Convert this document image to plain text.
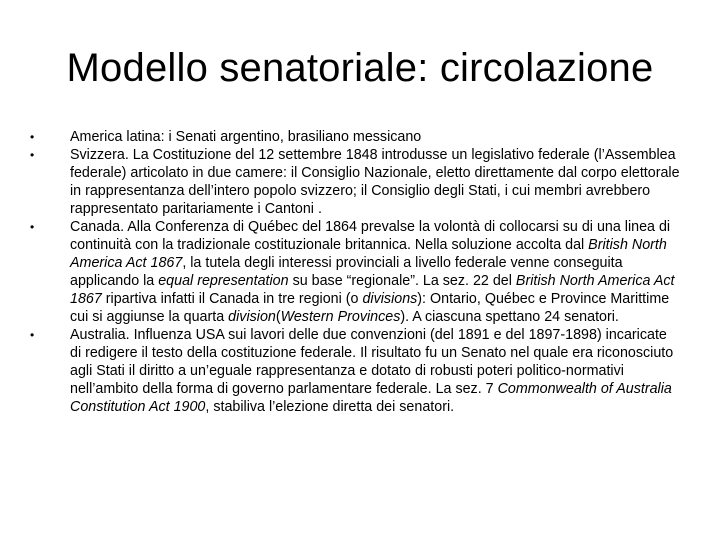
Modello senatoriale: circolazione
•	America latina: i Senati argentino, brasiliano messicano
•	Svizzera. La Costituzione del 12 settembre 1848 introdusse un legislativo federale (l’Assemblea federale) articolato in due camere: il Consiglio Nazionale, eletto direttamente dal corpo elettorale in rappresentanza dell’intero popolo svizzero; il Consiglio degli Stati, i cui membri avrebbero rappresentato paritariamente i Cantoni .
•	Canada. Alla Conferenza di Québec del 1864 prevalse la volontà di collocarsi su di una linea di continuità con la tradizionale costituzionale britannica. Nella soluzione accolta dal British North America Act 1867, la tutela degli interessi provinciali a livello federale venne conseguita applicando la equal representation su base “regionale”. La sez. 22 del British North America Act 1867 ripartiva infatti il Canada in tre regioni (o divisions): Ontario, Québec e Province Marittime cui si aggiunse la quarta division(Western Provinces). A ciascuna spettano 24 senatori.
•	Australia. Influenza USA sui lavori delle due convenzioni (del 1891 e del 1897-1898) incaricate di redigere il testo della costituzione federale. Il risultato fu un Senato nel quale era riconosciuto agli Stati il diritto a un’eguale rappresentanza e dotato di robusti poteri politico-normativi nell’ambito della forma di governo parlamentare federale. La sez. 7 Commonwealth of Australia Constitution Act 1900, stabiliva l’elezione diretta dei senatori.
